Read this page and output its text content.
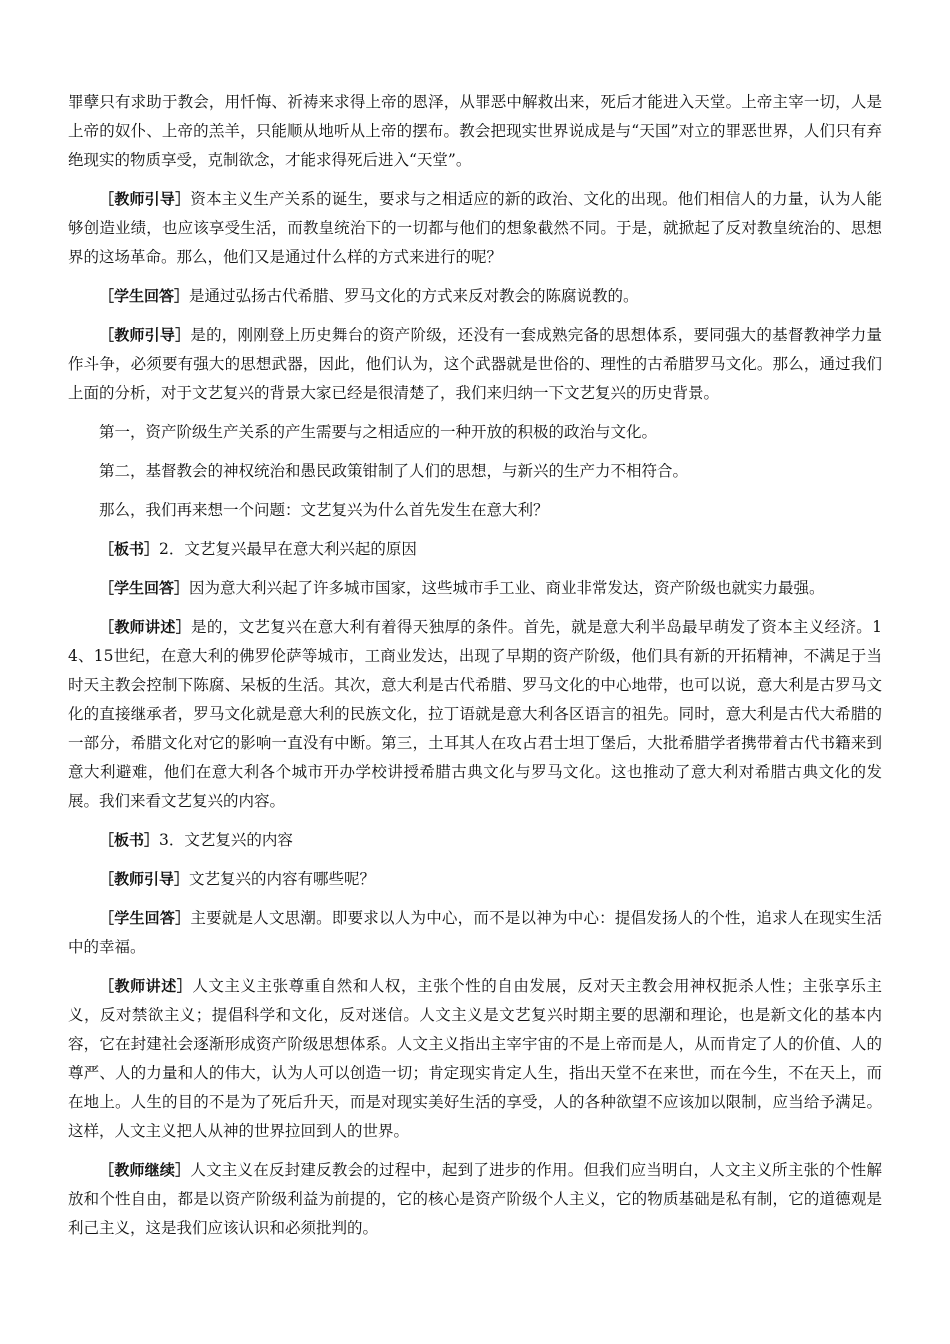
罪孽只有求助于教会，用忏悔、祈祷来求得上帝的恩泽，从罪恶中解救出来，死后才能进入天堂。上帝主宰一切，人是上帝的奴仆、上帝的羔羊，只能顺从地听从上帝的摆布。教会把现实世界说成是与“天国”对立的罪恶世界，人们只有弃绝现实的物质享受，克制欲念，才能求得死后进入“天堂”。

［教师引导］资本主义生产关系的诞生，要求与之相适应的新的政治、文化的出现。他们相信人的力量，认为人能够创造业绩，也应该享受生活，而教皇统治下的一切都与他们的想象截然不同。于是，就掀起了反对教皇统治的、思想界的这场革命。那么，他们又是通过什么样的方式来进行的呢？

［学生回答］是通过弘扬古代希腊、罗马文化的方式来反对教会的陈腐说教的。

［教师引导］是的，刚刚登上历史舞台的资产阶级，还没有一套成熟完备的思想体系，要同强大的基督教神学力量作斗争，必须要有强大的思想武器，因此，他们认为，这个武器就是世俗的、理性的古希腊罗马文化。那么，通过我们上面的分析，对于文艺复兴的背景大家已经是很清楚了，我们来归纳一下文艺复兴的历史背景。

第一，资产阶级生产关系的产生需要与之相适应的一种开放的积极的政治与文化。

第二，基督教会的神权统治和愚民政策钳制了人们的思想，与新兴的生产力不相符合。

那么，我们再来想一个问题：文艺复兴为什么首先发生在意大利？

［板书］2．文艺复兴最早在意大利兴起的原因

［学生回答］因为意大利兴起了许多城市国家，这些城市手工业、商业非常发达，资产阶级也就实力最强。

［教师讲述］是的，文艺复兴在意大利有着得天独厚的条件。首先，就是意大利半岛最早萌发了资本主义经济。14、15世纪，在意大利的佛罗伦萨等城市，工商业发达，出现了早期的资产阶级，他们具有新的开拓精神，不满足于当时天主教会控制下陈腐、呆板的生活。其次，意大利是古代希腊、罗马文化的中心地带，也可以说，意大利是古罗马文化的直接继承者，罗马文化就是意大利的民族文化，拉丁语就是意大利各区语言的祖先。同时，意大利是古代大希腊的一部分，希腊文化对它的影响一直没有中断。第三，土耳其人在攻占君士坦丁堡后，大批希腊学者携带着古代书籍来到意大利避难，他们在意大利各个城市开办学校讲授希腊古典文化与罗马文化。这也推动了意大利对希腊古典文化的发展。我们来看文艺复兴的内容。

［板书］3．文艺复兴的内容

［教师引导］文艺复兴的内容有哪些呢？

［学生回答］主要就是人文思潮。即要求以人为中心，而不是以神为中心：提倡发扬人的个性，追求人在现实生活中的幸福。

［教师讲述］人文主义主张尊重自然和人权，主张个性的自由发展，反对天主教会用神权扼杀人性；主张享乐主义，反对禁欲主义；提倡科学和文化，反对迷信。人文主义是文艺复兴时期主要的思潮和理论，也是新文化的基本内容，它在封建社会逐渐形成资产阶级思想体系。人文主义指出主宰宇宙的不是上帝而是人，从而肯定了人的价值、人的尊严、人的力量和人的伟大，认为人可以创造一切；肯定现实肯定人生，指出天堂不在来世，而在今生，不在天上，而在地上。人生的目的不是为了死后升天，而是对现实美好生活的享受，人的各种欲望不应该加以限制，应当给予满足。这样，人文主义把人从神的世界拉回到人的世界。

［教师继续］人文主义在反封建反教会的过程中，起到了进步的作用。但我们应当明白，人文主义所主张的个性解放和个性自由，都是以资产阶级利益为前提的，它的核心是资产阶级个人主义，它的物质基础是私有制，它的道德观是利己主义，这是我们应该认识和必须批判的。
